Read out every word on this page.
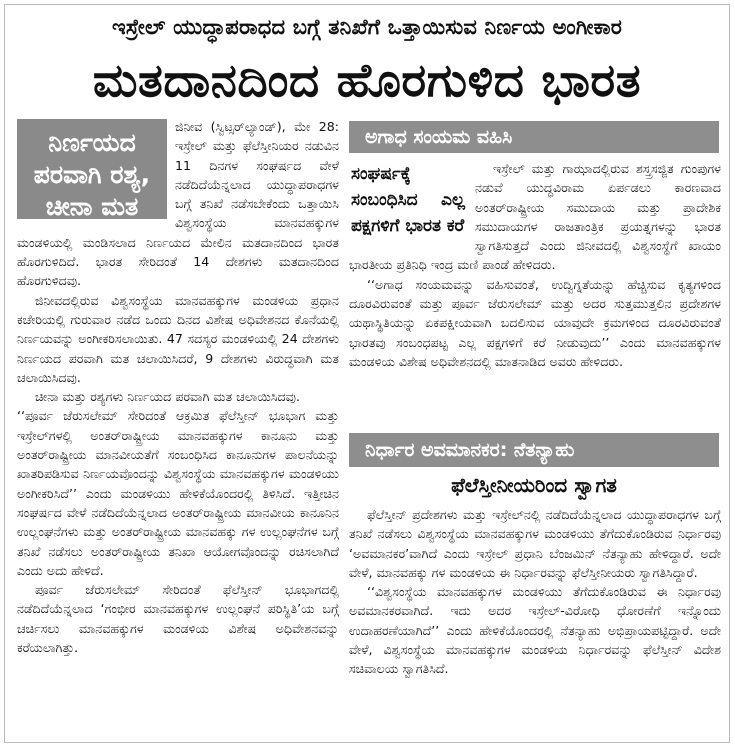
ಇಸ್ರೇಲ್ ಯುದ್ಧಾಪರಾಧದ ಬಗ್ಗೆ ತನಿಖೆಗೆ ಒತ್ತಾಯಿಸುವ ನಿರ್ಣಯ ಅಂಗೀಕಾರ
ಮತದಾನದಿಂದ ಹೊರಗುಳಿದ ಭಾರತ
ನಿರ್ಣಯದ ಪರವಾಗಿ ರಶ್ಯ, ಚೀನಾ ಮತ

ಜಿನೀವ (ಸ್ವಿಟ್ಸರ್‌ಲ್ಯಾಂಡ್), ಮೇ 28: ಇಸ್ರೇಲ್ ಮತ್ತು ಫೆಲೆಸ್ತೀನಿಯರ ನಡುವಿನ 11 ದಿನಗಳ ಸಂಘರ್ಷದ ವೇಳೆ ನಡೆದಿದೆಯೆನ್ನಲಾದ ಯುದ್ಧಾಪರಾಧಗಳ ಬಗ್ಗೆ ತನಿಖೆ ನಡೆಸಬೇಕೆಂದು ಒತ್ತಾಯಿಸಿ ವಿಶ್ವಸಂಸ್ಥೆಯ ಮಾನವಹಕ್ಕುಗಳ ಮಂಡಳಿಯಲ್ಲಿ ಮಂಡಿಸಲಾದ ನಿರ್ಣಯದ ಮೇಲಿನ ಮತದಾನದಿಂದ ಭಾರತ ಹೊರಗುಳಿದಿದೆ. ಭಾರತ ಸೇರಿದಂತೆ 14 ದೇಶಗಳು ಮತದಾನದಿಂದ ಹೊರಗುಳಿದವು.

ಜಿನೀವದಲ್ಲಿರುವ ವಿಶ್ವಸಂಸ್ಥೆಯ ಮಾನವಹಕ್ಕುಗಳ ಮಂಡಳಿಯ ಪ್ರಧಾನ ಕಚೇರಿಯಲ್ಲಿ ಗುರುವಾರ ನಡೆದ ಒಂದು ದಿನದ ವಿಶೇಷ ಅಧಿವೇಶನದ ಕೊನೆಯಲ್ಲಿ ನಿರ್ಣಯವನ್ನು ಅಂಗೀಕರಿಸಲಾಯಿತು. 47 ಸದಸ್ಯರ ಮಂಡಳಿಯಲ್ಲಿ 24 ದೇಶಗಳು ನಿರ್ಣಯದ ಪರವಾಗಿ ಮತ ಚಲಾಯಿಸಿದರೆ, 9 ದೇಶಗಳು ವಿರುದ್ಧವಾಗಿ ಮತ ಚಲಾಯಿಸಿದವು.

ಚೀನಾ ಮತ್ತು ರಶ್ಯಗಳು ನಿರ್ಣಯದ ಪರವಾಗಿ ಮತ ಚಲಾಯಿಸಿದವು.

‘‘ಪೂರ್ವ ಜೆರುಸಲೇಮ್ ಸೇರಿದಂತೆ ಆಕ್ರಮಿತ ಫೆಲೆಸ್ತೀನ್ ಭೂಭಾಗ ಮತ್ತು ಇಸ್ರೇಲ್‌ಗಳಲ್ಲಿ ಅಂತರ್‌ರಾಷ್ಟ್ರೀಯ ಮಾನವಹಕ್ಕುಗಳ ಕಾನೂನು ಮತ್ತು ಅಂತರ್‌ರಾಷ್ಟ್ರೀಯ ಮಾನವೀಯತೆಗೆ ಸಂಬಂಧಿಸಿದ ಕಾನೂನುಗಳ ಪಾಲನೆಯನ್ನು ಖಾತರಿಪಡಿಸುವ ನಿರ್ಣಯವೊಂದನ್ನು ವಿಶ್ವಸಂಸ್ಥೆಯ ಮಾನವಹಕ್ಕುಗಳ ಮಂಡಳಿಯು ಅಂಗೀಕರಿಸಿದೆ’’ ಎಂದು ಮಂಡಳಿಯು ಹೇಳಿಕೆಯೊಂದರಲ್ಲಿ ತಿಳಿಸಿದೆ. ಇತ್ತೀಚಿನ ಸಂಘರ್ಷದ ವೇಳೆ ನಡೆದಿದೆಯೆನ್ನಲಾದ ಅಂತರ್‌ರಾಷ್ಟ್ರೀಯ ಮಾನವೀಯ ಕಾನೂನಿನ ಉಲ್ಲಂಘನೆಗಳು ಮತ್ತು ಅಂತರ್‌ರಾಷ್ಟ್ರೀಯ ಮಾನವಹಕ್ಕು ಗಳ ಉಲ್ಲಂಘನೆಗಳ ಬಗ್ಗೆ ತನಿಖೆ ನಡೆಸಲು ಅಂತರ್‌ರಾಷ್ಟ್ರೀಯ ತನಿಖಾ ಆಯೋಗವೊಂದನ್ನು ರಚಿಸಲಾಗಿದೆ ಎಂದು ಅದು ಹೇಳಿದೆ.

ಪೂರ್ವ ಜೆರುಸಲೇಮ್ ಸೇರಿದಂತೆ ಫೆಲೆಸ್ತೀನ್ ಭೂಭಾಗದಲ್ಲಿ ನಡೆದಿದೆಯೆನ್ನಲಾದ ‘ಗಂಭೀರ ಮಾನವಹಕ್ಕುಗಳ ಉಲ್ಲಂಘನೆ ಪರಿಸ್ಥಿತಿ’ಯ ಬಗ್ಗೆ ಚರ್ಚಿಸಲು ಮಾನವಹಕ್ಕುಗಳ ಮಂಡಳಿಯ ವಿಶೇಷ ಅಧಿವೇಶನವನ್ನು ಕರೆಯಲಾಗಿತ್ತು.

ಅಗಾಧ ಸಂಯಮ ವಹಿಸಿ
ಸಂಘರ್ಷಕ್ಕೆ ಸಂಬಂಧಿಸಿದ ಎಲ್ಲ ಪಕ್ಷಗಳಿಗೆ ಭಾರತ ಕರೆ

ಇಸ್ರೇಲ್ ಮತ್ತು ಗಾಝಾದಲ್ಲಿರುವ ಶಸ್ತ್ರಸಜ್ಜಿತ ಗುಂಪುಗಳ ನಡುವೆ ಯುದ್ಧವಿರಾಮ ಏರ್ಪಡಲು ಕಾರಣವಾದ ಅಂತರ್‌ರಾಷ್ಟ್ರೀಯ ಸಮುದಾಯ ಮತ್ತು ಪ್ರಾದೇಶಿಕ ಸಮುದಾಯಗಳ ರಾಜತಾಂತ್ರಿಕ ಪ್ರಯತ್ನಗಳನ್ನು ಭಾರತ ಸ್ವಾಗತಿಸುತ್ತದೆ ಎಂದು ಜಿನೀವದಲ್ಲಿ ವಿಶ್ವಸಂಸ್ಥೆಗೆ ಖಾಯಂ ಭಾರತೀಯ ಪ್ರತಿನಿಧಿ ಇಂದ್ರ ಮಣಿ ಪಾಂಡೆ ಹೇಳಿದರು.

‘‘ಅಗಾಧ ಸಂಯಮವನ್ನು ವಹಿಸುವಂತೆ, ಉದ್ವಿಗ್ನತೆಯನ್ನು ಹೆಚ್ಚಿಸುವ ಕೃತ್ಯಗಳಿಂದ ದೂರವಿರುವಂತೆ ಮತ್ತು ಪೂರ್ವ ಜೆರುಸಲೇಮ್ ಮತ್ತು ಅದರ ಸುತ್ತಮುತ್ತಲಿನ ಪ್ರದೇಶಗಳ ಯಥಾಸ್ಥಿತಿಯನ್ನು ಏಕಪಕ್ಷೀಯವಾಗಿ ಬದಲಿಸುವ ಯಾವುದೇ ಕ್ರಮಗಳಿಂದ ದೂರವಿರುವಂತೆ ಭಾರತವು ಸಂಬಂಧಪಟ್ಟ ಎಲ್ಲ ಪಕ್ಷಗಳಿಗೆ ಕರೆ ನೀಡುವುದು’’ ಎಂದು ಮಾನವಹಕ್ಕುಗಳ ಮಂಡಳಿಯ ವಿಶೇಷ ಅಧಿವೇಶನದಲ್ಲಿ ಮಾತನಾಡಿದ ಅವರು ಹೇಳಿದರು.

ನಿರ್ಧಾರ ಅವಮಾನಕರ: ನೆತನ್ಯಾಹು
ಫೆಲೆಸ್ತೀನೀಯರಿಂದ ಸ್ವಾಗತ

ಫೆಲೆಸ್ತೀನ್ ಪ್ರದೇಶಗಳು ಮತ್ತು ಇಸ್ರೇಲ್‌ನಲ್ಲಿ ನಡೆದಿದೆಯೆನ್ನಲಾದ ಯುದ್ಧಾಪರಾಧಗಳ ಬಗ್ಗೆ ತನಿಖೆ ನಡೆಸಲು ವಿಶ್ವಸಂಸ್ಥೆಯ ಮಾನವಹಕ್ಕುಗಳ ಮಂಡಳಿಯು ತೆಗೆದುಕೊಂಡಿರುವ ನಿರ್ಧಾರವು ‘ಅವಮಾನಕರ’ವಾಗಿದೆ ಎಂದು ಇಸ್ರೇಲ್ ಪ್ರಧಾನಿ ಬೆಂಜಮಿನ್ ನೆತನ್ಯಾಹು ಹೇಳಿದ್ದಾರೆ. ಅದೇ ವೇಳೆ, ಮಾನವಹಕ್ಕು ಗಳ ಮಂಡಳಿಯ ಈ ನಿರ್ಧಾರವನ್ನು ಫೆಲೆಸ್ತೀನೀಯರು ಸ್ವಾಗತಿಸಿದ್ದಾರೆ.

‘‘ವಿಶ್ವಸಂಸ್ಥೆಯ ಮಾನವಹಕ್ಕುಗಳ ಮಂಡಳಿಯು ತೆಗೆದುಕೊಂಡಿರುವ ಈ ನಿರ್ಧಾರವು ಅವಮಾನಕರವಾಗಿದೆ. ಇದು ಅದರ ಇಸ್ರೇಲ್-ವಿರೋಧಿ ಧೋರಣೆಗೆ ಇನ್ನೊಂದು ಉದಾಹರಣೆಯಾಗಿದೆ’’ ಎಂದು ಹೇಳಿಕೆಯೊಂದರಲ್ಲಿ ನೆತನ್ಯಾಹು ಅಭಿಪ್ರಾಯಪಟ್ಟಿದ್ದಾರೆ. ಅದೇ ವೇಳೆ, ವಿಶ್ವಸಂಸ್ಥೆಯ ಮಾನವಹಕ್ಕುಗಳ ಮಂಡಳಿಯ ನಿರ್ಧಾರವನ್ನು ಫೆಲೆಸ್ತೀನ್ ವಿದೇಶ ಸಚಿವಾಲಯ ಸ್ವಾಗತಿಸಿದೆ.
